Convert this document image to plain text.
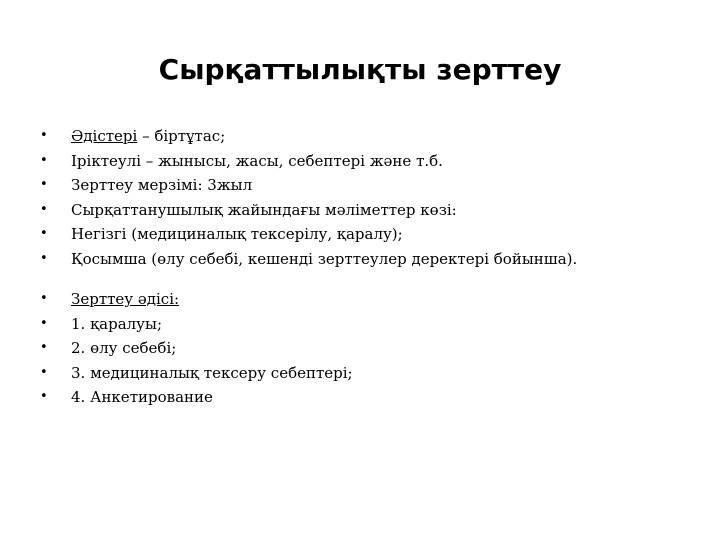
Сырқаттылықты зерттеу
• Әдістері – біртұтас;
• Іріктеулі – жынысы, жасы, себептері және т.б.
• Зерттеу мерзімі: 3жыл
• Сырқаттанушылық жайындағы мәліметтер көзі:
• Негізгі (медициналық тексерілу, қаралу);
• Қосымша (өлу себебі, кешенді зерттеулер деректері бойынша).
• Зерттеу әдісі:
• 1. қаралуы;
• 2. өлу себебі;
• 3. медициналық тексеру себептері;
• 4. Анкетирование
